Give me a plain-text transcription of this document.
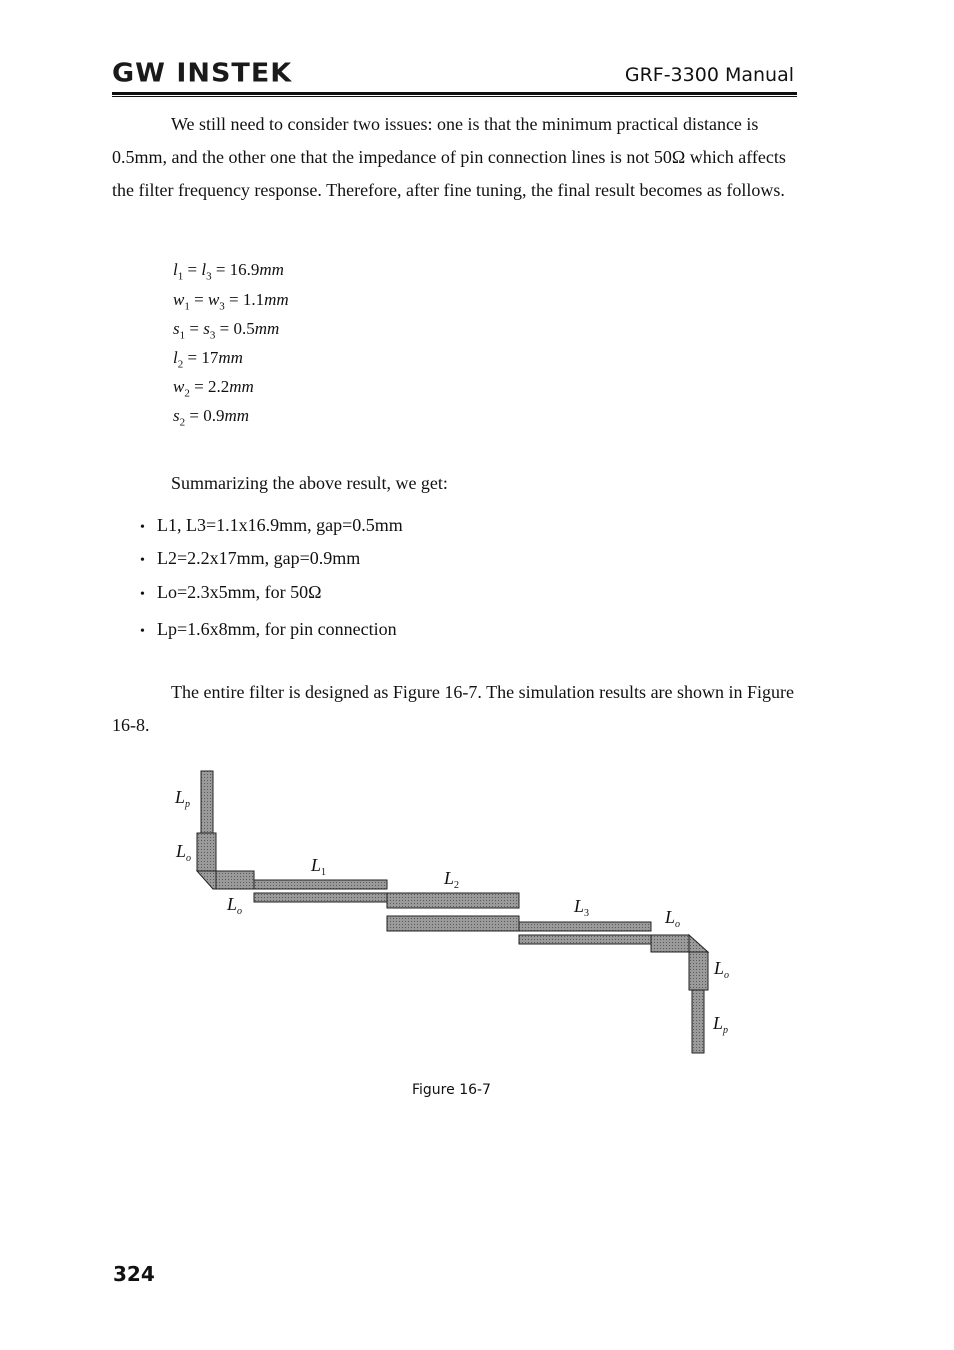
GW INSTEK	GRF-3300 Manual
We still need to consider two issues: one is that the minimum practical distance is 0.5mm, and the other one that the impedance of pin connection lines is not 50Ω which affects the filter frequency response. Therefore, after fine tuning, the final result becomes as follows.
$l_1 = l_3 = 16.9mm$
$w_1 = w_3 = 1.1mm$
$s_1 = s_3 = 0.5mm$
$l_2 = 17mm$
$w_2 = 2.2mm$
$s_2 = 0.9mm$
Summarizing the above result, we get:
• L1, L3=1.1x16.9mm, gap=0.5mm
• L2=2.2x17mm, gap=0.9mm
• Lo=2.3x5mm, for 50Ω
• Lp=1.6x8mm, for pin connection
The entire filter is designed as Figure 16-7. The simulation results are shown in Figure 16-8.
$L_p$
$L_o$
$L_o$
$L_1$	$L_2$
$L_3$	$L_o$
$L_o$
$L_p$
Figure 16-7
324
